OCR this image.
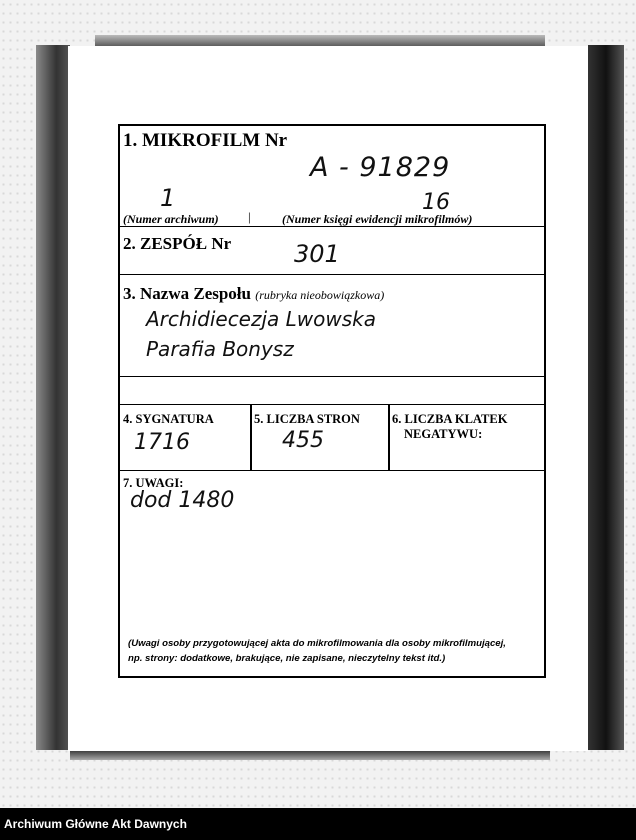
1. MIKROFILM Nr
A - 91829
1	16
(Numer archiwum) |	(Numer księgi ewidencji mikrofilmów)
2. ZESPÓŁ Nr	301
3. Nazwa Zespołu (rubryka nieobowiązkowa)
Archidiecezja Lwowska
Parafia Bonysz
4. SYGNATURA
1716
5. LICZBA STRON
455
6. LICZBA KLATEK
NEGATYWU:
7. UWAGI:
dod 1480
(Uwagi osoby przygotowującej akta do mikrofilmowania dla osoby mikrofilmującej,
np. strony: dodatkowe, brakujące, nie zapisane, nieczytelny tekst itd.)
Archiwum Główne Akt Dawnych
